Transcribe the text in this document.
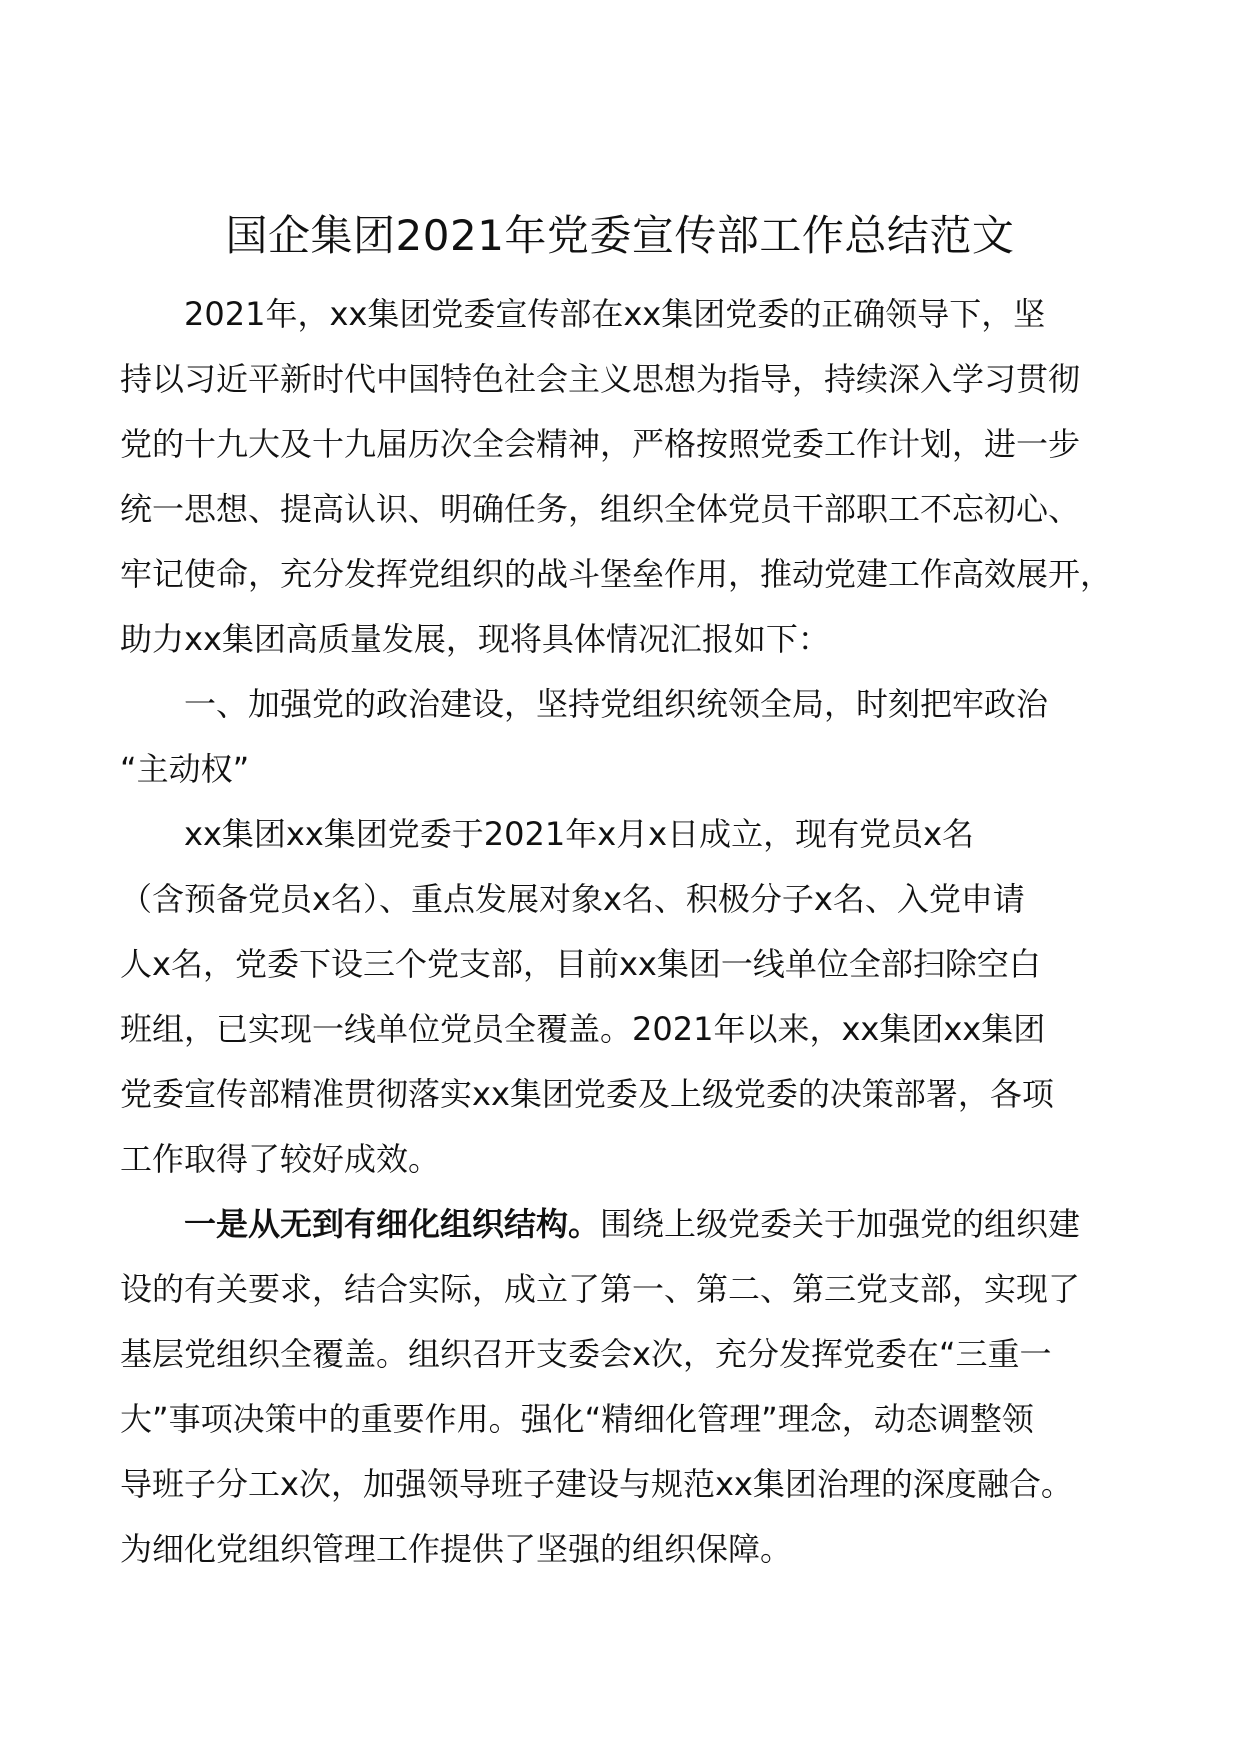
国企集团2021年党委宣传部工作总结范文

2021年，xx集团党委宣传部在xx集团党委的正确领导下，坚
持以习近平新时代中国特色社会主义思想为指导，持续深入学习贯彻
党的十九大及十九届历次全会精神，严格按照党委工作计划，进一步
统一思想、提高认识、明确任务，组织全体党员干部职工不忘初心、
牢记使命，充分发挥党组织的战斗堡垒作用，推动党建工作高效展开，
助力xx集团高质量发展，现将具体情况汇报如下：

一、加强党的政治建设，坚持党组织统领全局，时刻把牢政治
“主动权”

xx集团xx集团党委于2021年x月x日成立，现有党员x名
（含预备党员x名）、重点发展对象x名、积极分子x名、入党申请
人x名，党委下设三个党支部，目前xx集团一线单位全部扫除空白
班组，已实现一线单位党员全覆盖。2021年以来，xx集团xx集团
党委宣传部精准贯彻落实xx集团党委及上级党委的决策部署，各项
工作取得了较好成效。

一是从无到有细化组织结构。围绕上级党委关于加强党的组织建
设的有关要求，结合实际，成立了第一、第二、第三党支部，实现了
基层党组织全覆盖。组织召开支委会x次，充分发挥党委在“三重一
大”事项决策中的重要作用。强化“精细化管理”理念，动态调整领
导班子分工x次，加强领导班子建设与规范xx集团治理的深度融合。
为细化党组织管理工作提供了坚强的组织保障。
